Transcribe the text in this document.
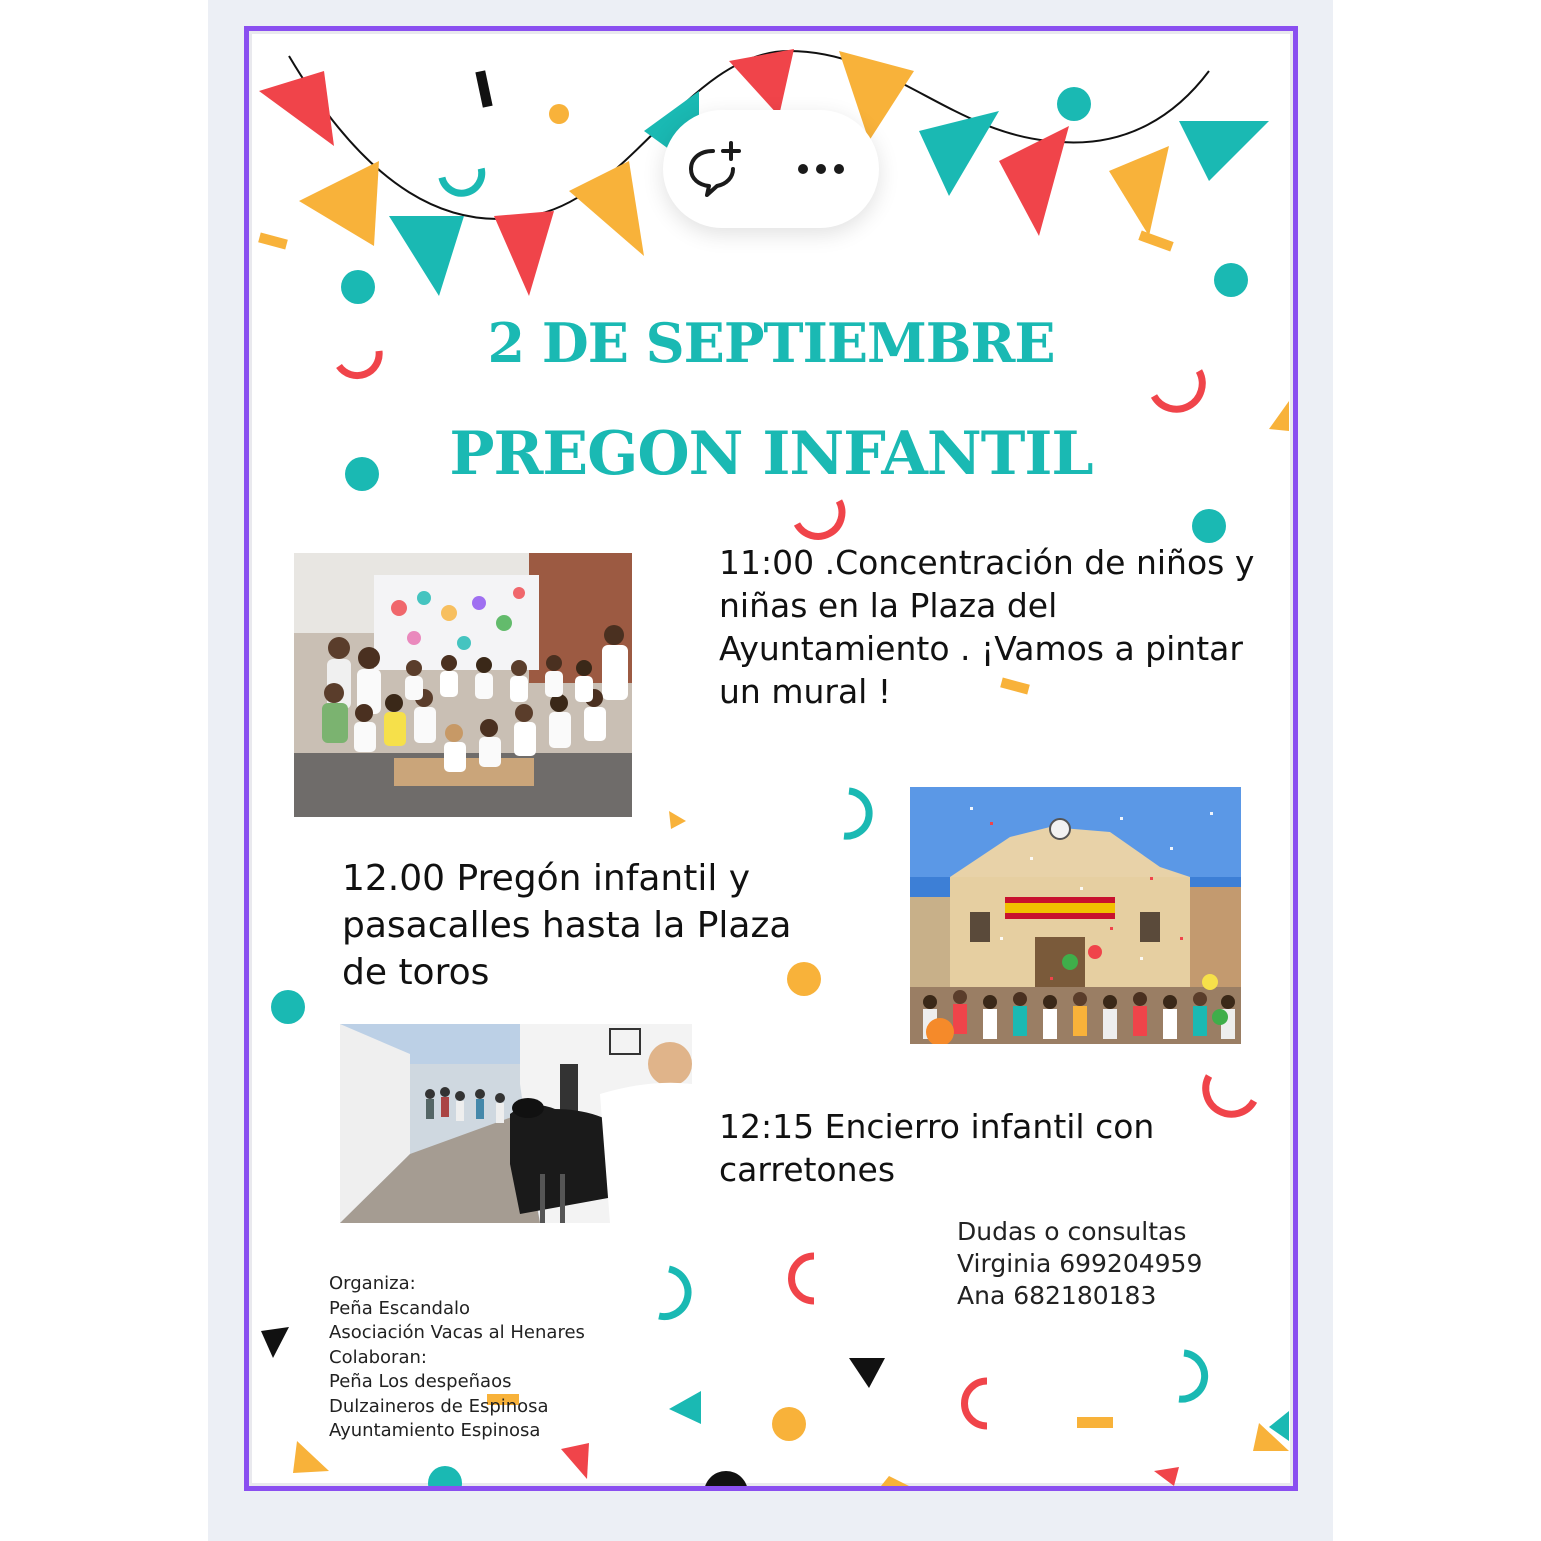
2 DE SEPTIEMBRE
PREGON INFANTIL
11:00 .Concentración de niños y niñas en la Plaza del Ayuntamiento . ¡Vamos a pintar un mural !
12.00 Pregón infantil y pasacalles hasta la Plaza de toros
12:15 Encierro infantil con carretones
Dudas o consultas
Virginia 699204959
Ana 682180183
Organiza:
Peña Escandalo
Asociación Vacas al Henares
Colaboran:
Peña Los despeñaos
Dulzaineros de Espinosa
Ayuntamiento Espinosa
